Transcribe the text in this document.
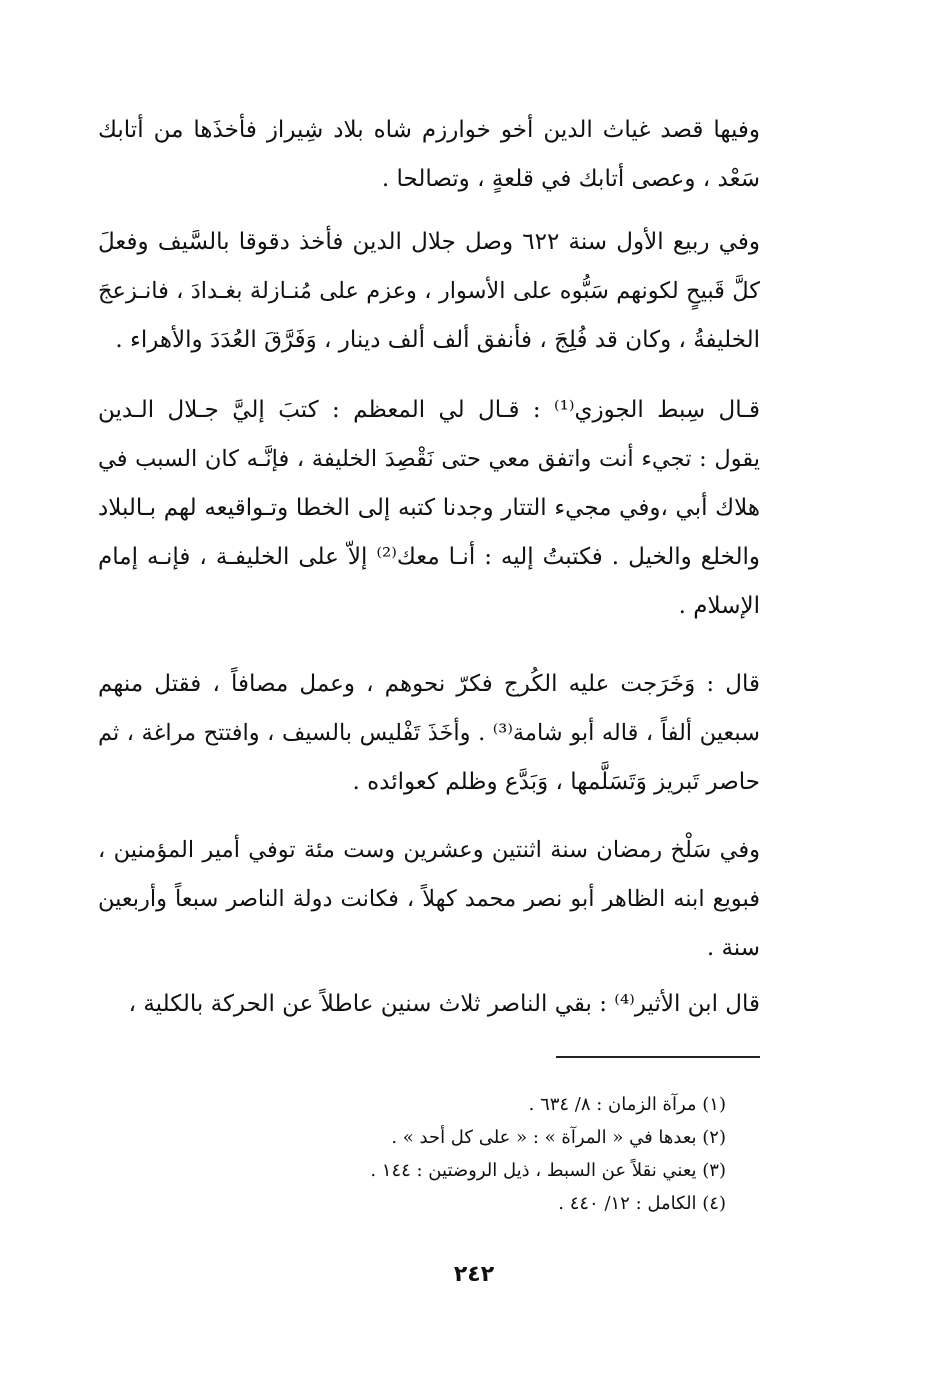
وفيها قصد غياث الدين أخو خوارزم شاه بلاد شِيراز فأخذَها من أتابك
سَعْد ، وعصى أتابك في قلعةٍ ، وتصالحا .

وفي ربيع الأول سنة ٦٢٢ وصل جلال الدين فأخذ دقوقا بالسَّيف وفعلَ
كلَّ قَبيحٍ لكونهم سَبُّوه على الأسوار ، وعزم على مُنـازلة بغـدادَ ، فانـزعجَ
الخليفةُ ، وكان قد فُلِجَ ، فأنفق ألف ألف دينار ، وَفَرَّقَ العُدَدَ والأهراء .

قـال سِبط الجوزي⁽¹⁾ : قـال لي المعظم : كتبَ إليَّ جـلال الـدين
يقول : تجيء أنت واتفق معي حتى نَقْصِدَ الخليفة ، فإنَّـه كان السبب في
هلاك أبي ،وفي مجيء التتار وجدنا كتبه إلى الخطا وتـواقيعه لهم بـالبلاد
والخلع والخيل . فكتبتُ إليه : أنـا معك⁽²⁾ إلاّ على الخليفـة ، فإنـه إمام
الإسلام .

قال : وَخَرَجت عليه الكُرج فكرّ نحوهم ، وعمل مصافاً ، فقتل منهم
سبعين ألفاً ، قاله أبو شامة⁽³⁾ . وأخَذَ تَفْليس بالسيف ، وافتتح مراغة ، ثم
حاصر تَبريز وَتَسَلَّمها ، وَبَدَّع وظلم كعوائده .

وفي سَلْخ رمضان سنة اثنتين وعشرين وست مئة توفي أمير المؤمنين ،
فبويع ابنه الظاهر أبو نصر محمد كهلاً ، فكانت دولة الناصر سبعاً وأربعين
سنة .

قال ابن الأثير⁽⁴⁾ : بقي الناصر ثلاث سنين عاطلاً عن الحركة بالكلية ،

(١) مرآة الزمان : ٨/ ٦٣٤ .
(٢) بعدها في « المرآة » : « على كل أحد » .
(٣) يعني نقلاً عن السبط ، ذيل الروضتين : ١٤٤ .
(٤) الكامل : ١٢/ ٤٤٠ .
٢٤٢
